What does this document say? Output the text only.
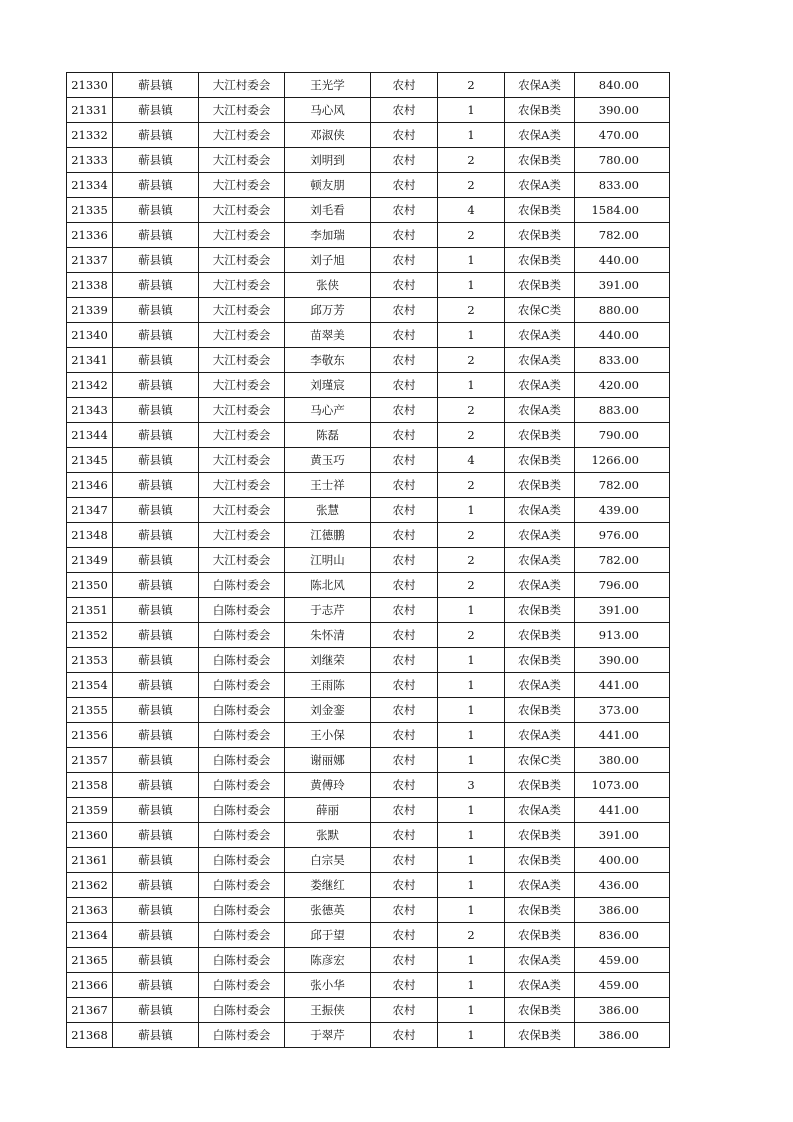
21330	蕲县镇	大江村委会	王光学	农村	2	农保A类	840.00
21331	蕲县镇	大江村委会	马心风	农村	1	农保B类	390.00
21332	蕲县镇	大江村委会	邓淑侠	农村	1	农保A类	470.00
21333	蕲县镇	大江村委会	刘明到	农村	2	农保B类	780.00
21334	蕲县镇	大江村委会	顿友朋	农村	2	农保A类	833.00
21335	蕲县镇	大江村委会	刘毛看	农村	4	农保B类	1584.00
21336	蕲县镇	大江村委会	李加瑞	农村	2	农保B类	782.00
21337	蕲县镇	大江村委会	刘子旭	农村	1	农保B类	440.00
21338	蕲县镇	大江村委会	张侠	农村	1	农保B类	391.00
21339	蕲县镇	大江村委会	邱万芳	农村	2	农保C类	880.00
21340	蕲县镇	大江村委会	苗翠美	农村	1	农保A类	440.00
21341	蕲县镇	大江村委会	李敬东	农村	2	农保A类	833.00
21342	蕲县镇	大江村委会	刘瑾宸	农村	1	农保A类	420.00
21343	蕲县镇	大江村委会	马心产	农村	2	农保A类	883.00
21344	蕲县镇	大江村委会	陈磊	农村	2	农保B类	790.00
21345	蕲县镇	大江村委会	黄玉巧	农村	4	农保B类	1266.00
21346	蕲县镇	大江村委会	王士祥	农村	2	农保B类	782.00
21347	蕲县镇	大江村委会	张慧	农村	1	农保A类	439.00
21348	蕲县镇	大江村委会	江德鹏	农村	2	农保A类	976.00
21349	蕲县镇	大江村委会	江明山	农村	2	农保A类	782.00
21350	蕲县镇	白陈村委会	陈北风	农村	2	农保A类	796.00
21351	蕲县镇	白陈村委会	于志芹	农村	1	农保B类	391.00
21352	蕲县镇	白陈村委会	朱怀清	农村	2	农保B类	913.00
21353	蕲县镇	白陈村委会	刘继荣	农村	1	农保B类	390.00
21354	蕲县镇	白陈村委会	王雨陈	农村	1	农保A类	441.00
21355	蕲县镇	白陈村委会	刘金銮	农村	1	农保B类	373.00
21356	蕲县镇	白陈村委会	王小保	农村	1	农保A类	441.00
21357	蕲县镇	白陈村委会	谢丽娜	农村	1	农保C类	380.00
21358	蕲县镇	白陈村委会	黄傅玲	农村	3	农保B类	1073.00
21359	蕲县镇	白陈村委会	薛丽	农村	1	农保A类	441.00
21360	蕲县镇	白陈村委会	张默	农村	1	农保B类	391.00
21361	蕲县镇	白陈村委会	白宗昊	农村	1	农保B类	400.00
21362	蕲县镇	白陈村委会	娄继红	农村	1	农保A类	436.00
21363	蕲县镇	白陈村委会	张德英	农村	1	农保B类	386.00
21364	蕲县镇	白陈村委会	邱于望	农村	2	农保B类	836.00
21365	蕲县镇	白陈村委会	陈彦宏	农村	1	农保A类	459.00
21366	蕲县镇	白陈村委会	张小华	农村	1	农保A类	459.00
21367	蕲县镇	白陈村委会	王振侠	农村	1	农保B类	386.00
21368	蕲县镇	白陈村委会	于翠芹	农村	1	农保B类	386.00
